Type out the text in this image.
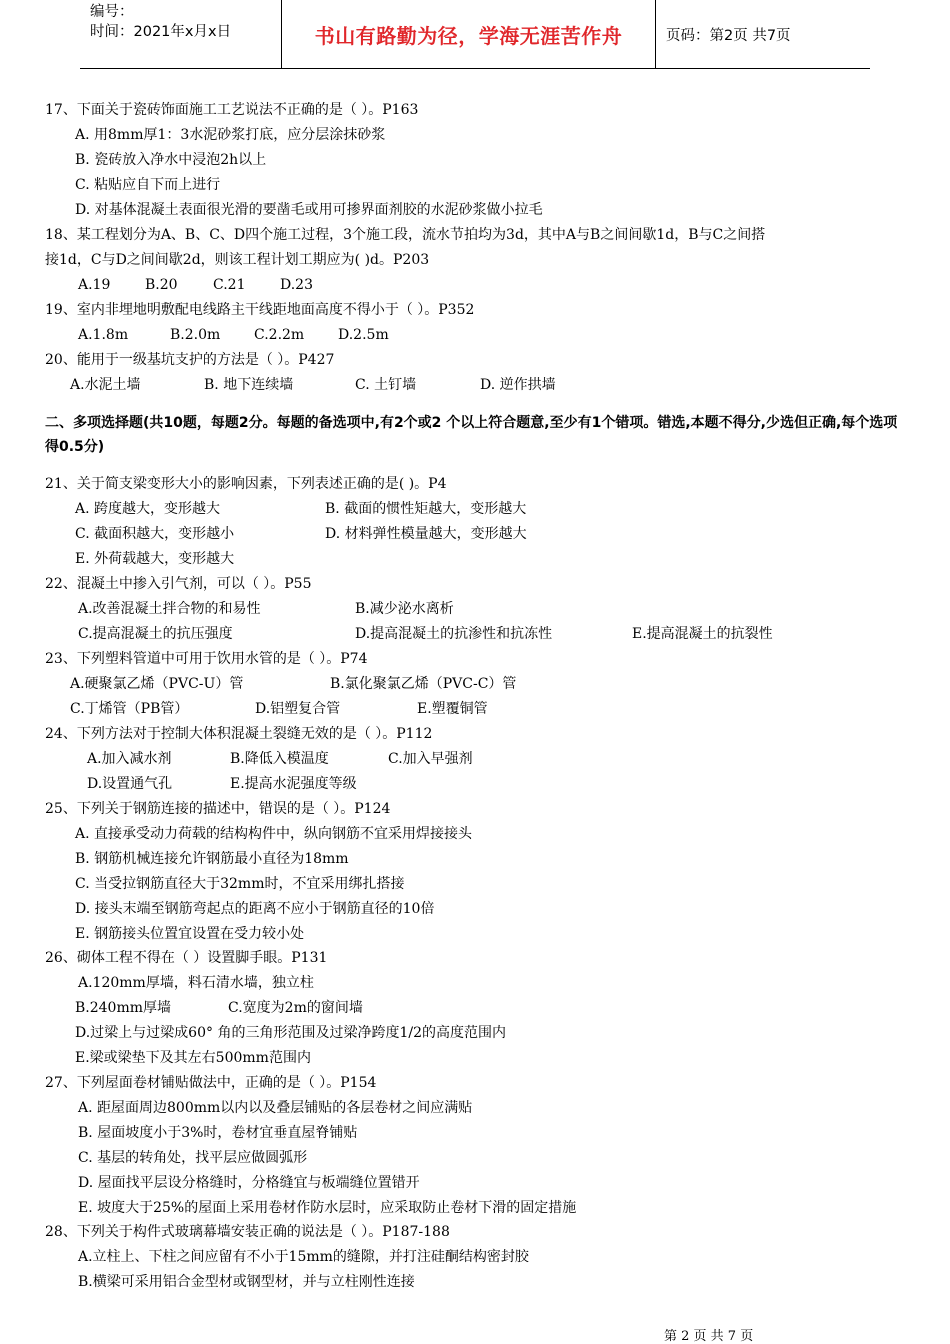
编号：
时间：2021年x月x日	书山有路勤为径，学海无涯苦作舟	页码：第2页 共7页
17、下面关于瓷砖饰面施工工艺说法不正确的是（ ）。P163
A. 用8mm厚1：3水泥砂浆打底，应分层涂抹砂浆
B. 瓷砖放入净水中浸泡2h以上
C. 粘贴应自下而上进行
D. 对基体混凝土表面很光滑的要凿毛或用可掺界面剂胶的水泥砂浆做小拉毛
18、某工程划分为A、B、C、D四个施工过程，3个施工段，流水节拍均为3d，其中A与B之间间歇1d，B与C之间搭
接1d，C与D之间间歇2d，则该工程计划工期应为( )d。P203
A.19 B.20	C.21 D.23
19、室内非埋地明敷配电线路主干线距地面高度不得小于（ ）。P352
A.1.8m	B.2.0m C.2.2m D.2.5m
20、能用于一级基坑支护的方法是（ ）。P427
A.水泥土墙	B. 地下连续墙	C. 土钉墙	D. 逆作拱墙
二、多项选择题(共10题，每题2分。每题的备选项中,有2个或2 个以上符合题意,至少有1个错项。错选,本题不得分,少选但正确,每个选项得0.5分)
21、关于简支梁变形大小的影响因素，下列表述正确的是( )。P4
A. 跨度越大，变形越大	B. 截面的惯性矩越大，变形越大
C. 截面积越大，变形越小	D. 材料弹性模量越大，变形越大
E. 外荷载越大，变形越大
22、混凝土中掺入引气剂，可以（ ）。P55
A.改善混凝土拌合物的和易性	B.减少泌水离析
C.提高混凝土的抗压强度	D.提高混凝土的抗渗性和抗冻性	E.提高混凝土的抗裂性
23、下列塑料管道中可用于饮用水管的是（ ）。P74
A.硬聚氯乙烯（PVC-U）管	B.氯化聚氯乙烯（PVC-C）管
C.丁烯管（PB管）	D.铝塑复合管	E.塑覆铜管
24、下列方法对于控制大体积混凝土裂缝无效的是（ ）。P112
A.加入减水剂	B.降低入模温度	C.加入早强剂
D.设置通气孔	E.提高水泥强度等级
25、下列关于钢筋连接的描述中，错误的是（ ）。P124
A. 直接承受动力荷载的结构构件中，纵向钢筋不宜采用焊接接头
B. 钢筋机械连接允许钢筋最小直径为18mm
C. 当受拉钢筋直径大于32mm时，不宜采用绑扎搭接
D. 接头末端至钢筋弯起点的距离不应小于钢筋直径的10倍
E. 钢筋接头位置宜设置在受力较小处
26、砌体工程不得在（ ）设置脚手眼。P131
A.120mm厚墙，料石清水墙，独立柱
B.240mm厚墙	C.宽度为2m的窗间墙
D.过梁上与过梁成60° 角的三角形范围及过梁净跨度1/2的高度范围内
E.梁或梁垫下及其左右500mm范围内
27、下列屋面卷材铺贴做法中，正确的是（ ）。P154
A. 距屋面周边800mm以内以及叠层铺贴的各层卷材之间应满贴
B. 屋面坡度小于3%时，卷材宜垂直屋脊铺贴
C. 基层的转角处，找平层应做圆弧形
D. 屋面找平层设分格缝时，分格缝宜与板端缝位置错开
E. 坡度大于25%的屋面上采用卷材作防水层时，应采取防止卷材下滑的固定措施
28、下列关于构件式玻璃幕墙安装正确的说法是（ ）。P187-188
A.立柱上、下柱之间应留有不小于15mm的缝隙，并打注硅酮结构密封胶
B.横梁可采用铝合金型材或钢型材，并与立柱刚性连接
第 2 页 共 7 页
